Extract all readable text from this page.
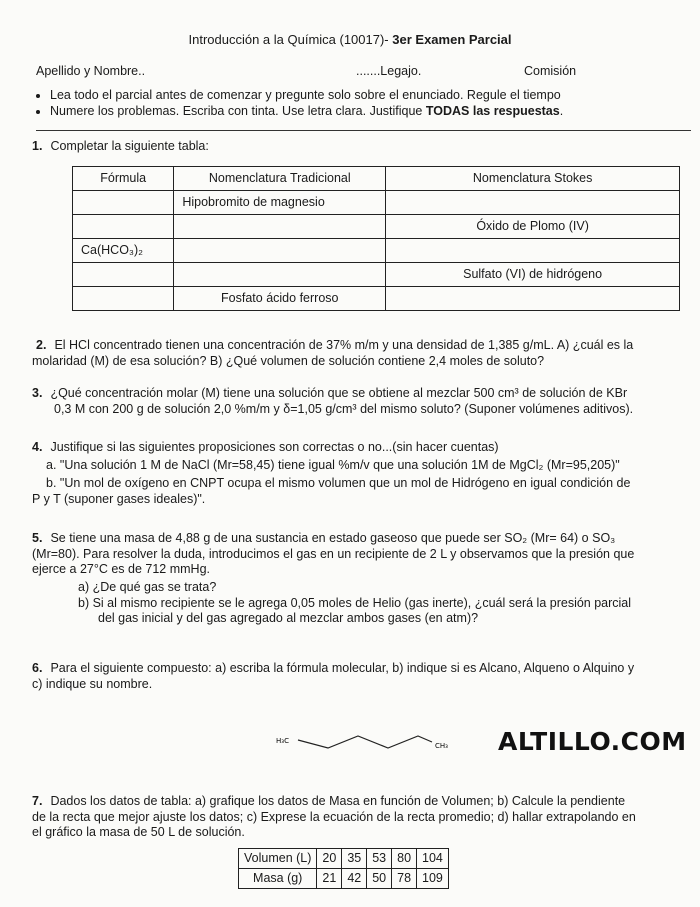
Introducción a la Química (10017)- 3er Examen Parcial
Apellido y Nombre..	.......Legajo.	Comisión
• Lea todo el parcial antes de comenzar y pregunte solo sobre el enunciado. Regule el tiempo
• Numere los problemas. Escriba con tinta. Use letra clara. Justifique TODAS las respuestas.
1. Completar la siguiente tabla:
Fórmula	Nomenclatura Tradicional	Nomenclatura Stokes
	Hipobromito de magnesio	
		Óxido de Plomo (IV)
Ca(HCO₃)₂		
		Sulfato (VI) de hidrógeno
	Fosfato ácido ferroso	
2. El HCl concentrado tienen una concentración de 37% m/m y una densidad de 1,385 g/mL. A) ¿cuál es la
molaridad (M) de esa solución? B) ¿Qué volumen de solución contiene 2,4 moles de soluto?
3. ¿Qué concentración molar (M) tiene una solución que se obtiene al mezclar 500 cm³ de solución de KBr
0,3 M con 200 g de solución 2,0 %m/m y δ=1,05 g/cm³ del mismo soluto? (Suponer volúmenes aditivos).
4. Justifique si las siguientes proposiciones son correctas o no...(sin hacer cuentas)
a. "Una solución 1 M de NaCl (Mr=58,45) tiene igual %m/v que una solución 1M de MgCl₂ (Mr=95,205)"
b. "Un mol de oxígeno en CNPT ocupa el mismo volumen que un mol de Hidrógeno en igual condición de
P y T (suponer gases ideales)".
5. Se tiene una masa de 4,88 g de una sustancia en estado gaseoso que puede ser SO₂ (Mr= 64) o SO₃
(Mr=80). Para resolver la duda, introducimos el gas en un recipiente de 2 L y observamos que la presión que
ejerce a 27°C es de 712 mmHg.
a) ¿De qué gas se trata?
b) Si al mismo recipiente se le agrega 0,05 moles de Helio (gas inerte), ¿cuál será la presión parcial
del gas inicial y del gas agregado al mezclar ambos gases (en atm)?
6. Para el siguiente compuesto: a) escriba la fórmula molecular, b) indique si es Alcano, Alqueno o Alquino y
c) indique su nombre.
H₃C
CH₃ ALTILLO.COM
7. Dados los datos de tabla: a) grafique los datos de Masa en función de Volumen; b) Calcule la pendiente
de la recta que mejor ajuste los datos; c) Exprese la ecuación de la recta promedio; d) hallar extrapolando en
el gráfico la masa de 50 L de solución.
Volumen (L)	20	35	53	80	104
Masa (g)	21	42	50	78	109
